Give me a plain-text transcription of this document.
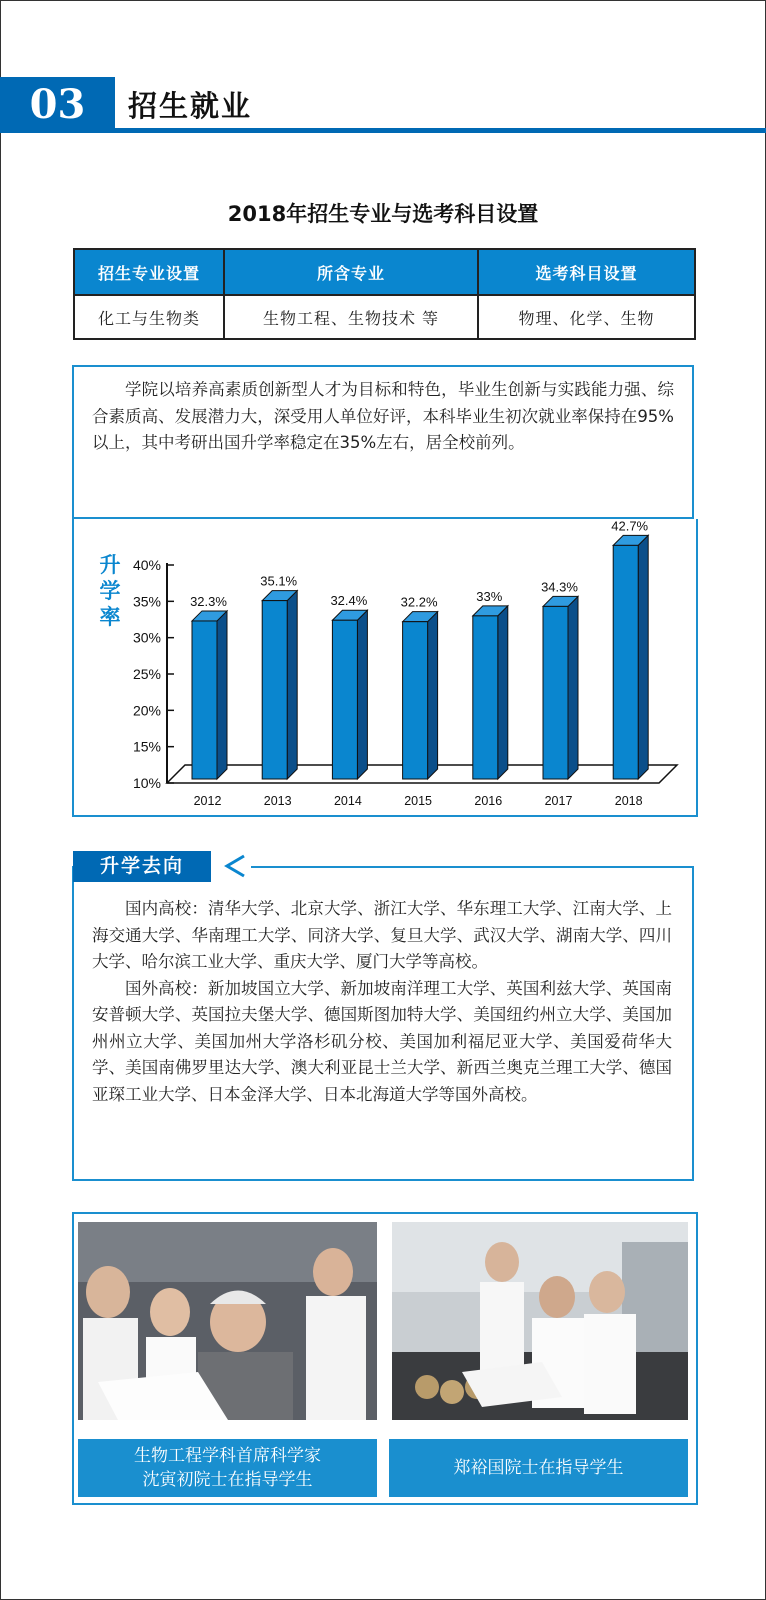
03	招生就业
2018年招生专业与选考科目设置
招生专业设置	所含专业	选考科目设置
化工与生物类	生物工程、生物技术 等	物理、化学、生物

学院以培养高素质创新型人才为目标和特色，毕业生创新与实践能力强、综合素质高、发展潜力大，深受用人单位好评，本科毕业生初次就业率保持在95%以上，其中考研出国升学率稳定在35%左右，居全校前列。

升
学
率
10%
15%
20%
25%
30%
35%
40%
32.3%
2012
35.1%
2013
32.4%
2014
32.2%
2015
33%
2016
34.3%
2017
42.7%
2018

国内高校：清华大学、北京大学、浙江大学、华东理工大学、江南大学、上海交通大学、华南理工大学、同济大学、复旦大学、武汉大学、湖南大学、四川大学、哈尔滨工业大学、重庆大学、厦门大学等高校。

国外高校：新加坡国立大学、新加坡南洋理工大学、英国利兹大学、英国南安普顿大学、英国拉夫堡大学、德国斯图加特大学、美国纽约州立大学、美国加州州立大学、美国加州大学洛杉矶分校、美国加利福尼亚大学、美国爱荷华大学、美国南佛罗里达大学、澳大利亚昆士兰大学、新西兰奥克兰理工大学、德国亚琛工业大学、日本金泽大学、日本北海道大学等国外高校。

升学去向
生物工程学科首席科学家
沈寅初院士在指导学生
郑裕国院士在指导学生
